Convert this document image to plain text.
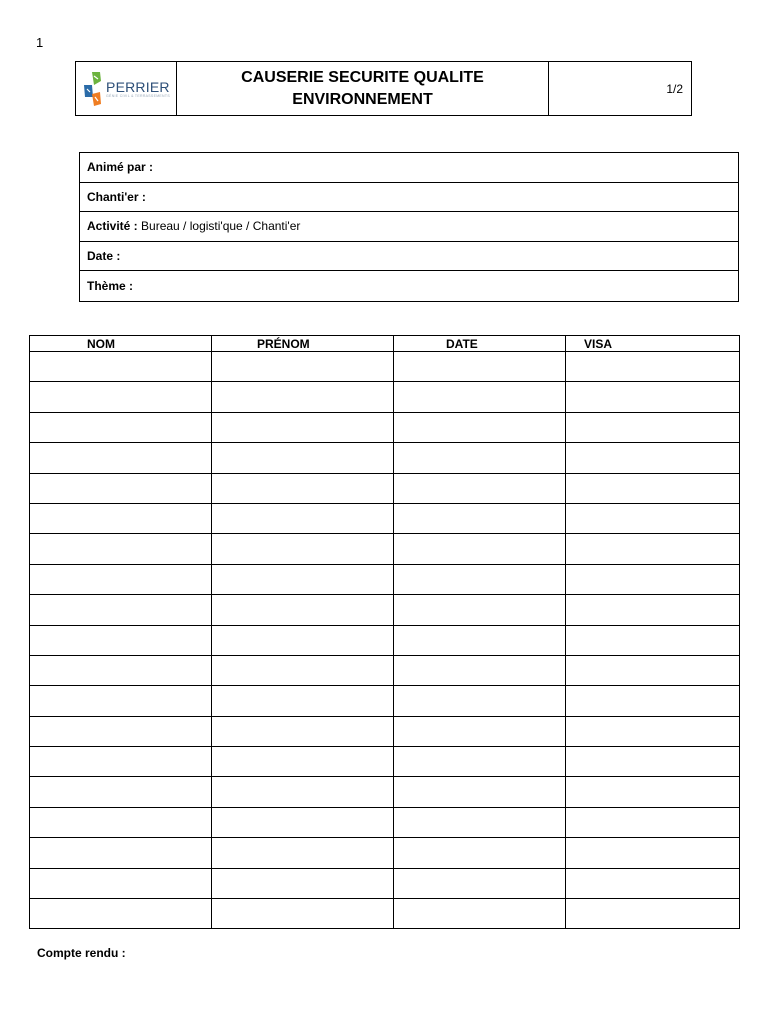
1
PERRIER
GÉNIE CIVIL & TERRASSEMENTS
CAUSERIE SECURITE QUALITE
ENVIRONNEMENT
1/2
Animé par :
Chanti'er :
Activité :
Bureau / logisti'que / Chanti'er
Date :
Thème :
NOM	PRÉNOM	DATE	VISA

Compte rendu :
